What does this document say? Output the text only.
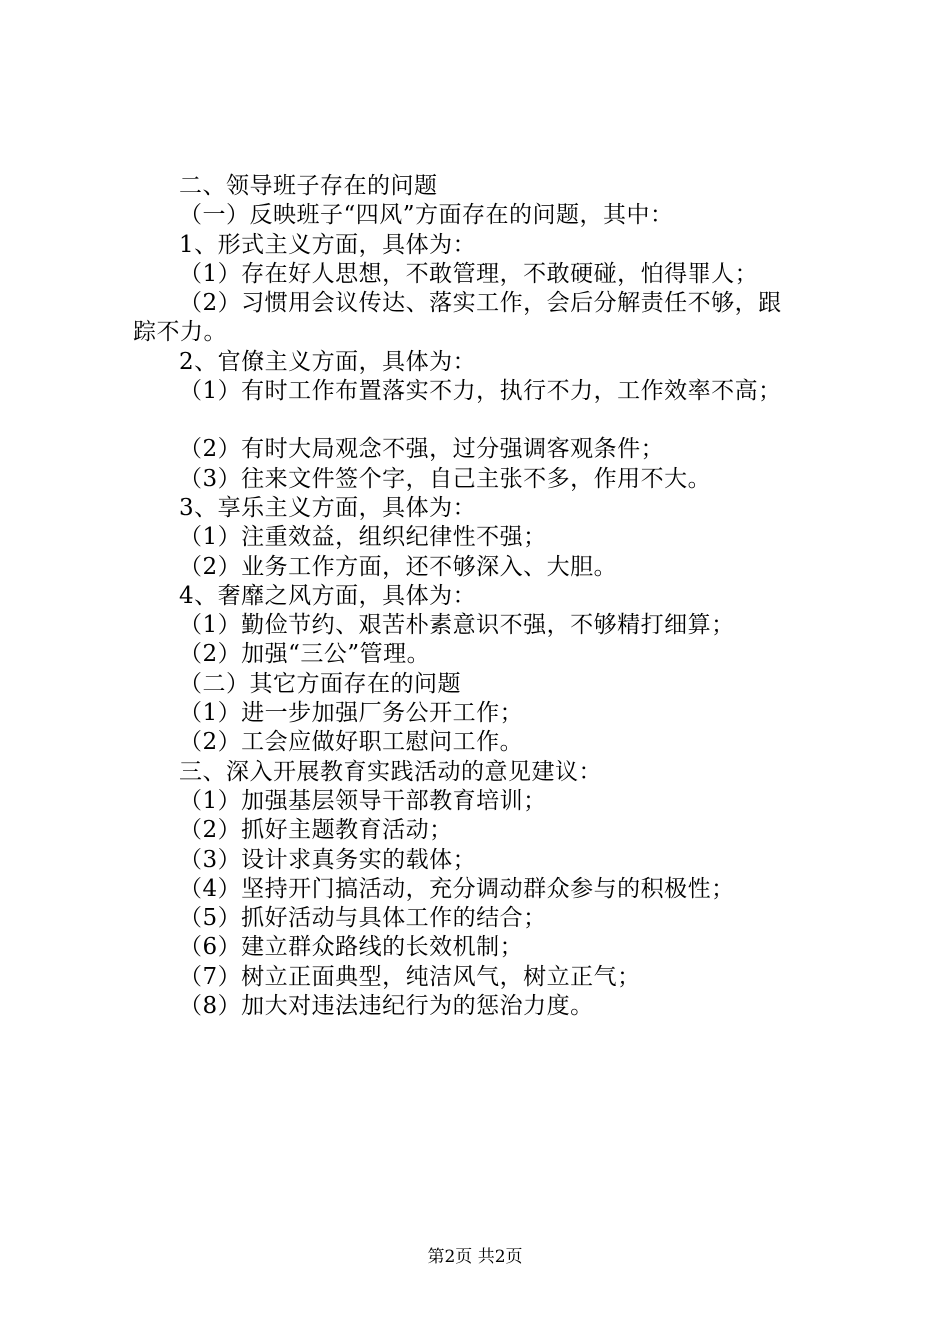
二、领导班子存在的问题
（一）反映班子“四风”方面存在的问题，其中：
1、形式主义方面，具体为：
（1）存在好人思想，不敢管理，不敢硬碰，怕得罪人；
（2）习惯用会议传达、落实工作，会后分解责任不够，跟
踪不力。
2、官僚主义方面，具体为：
（1）有时工作布置落实不力，执行不力，工作效率不高；
（2）有时大局观念不强，过分强调客观条件；
（3）往来文件签个字，自己主张不多，作用不大。
3、享乐主义方面，具体为：
（1）注重效益，组织纪律性不强；
（2）业务工作方面，还不够深入、大胆。
4、奢靡之风方面，具体为：
（1）勤俭节约、艰苦朴素意识不强，不够精打细算；
（2）加强“三公”管理。
（二）其它方面存在的问题
（1）进一步加强厂务公开工作；
（2）工会应做好职工慰问工作。
三、深入开展教育实践活动的意见建议：
（1）加强基层领导干部教育培训；
（2）抓好主题教育活动；
（3）设计求真务实的载体；
（4）坚持开门搞活动，充分调动群众参与的积极性；
（5）抓好活动与具体工作的结合；
（6）建立群众路线的长效机制；
（7）树立正面典型，纯洁风气，树立正气；
（8）加大对违法违纪行为的惩治力度。
第2页 共2页
